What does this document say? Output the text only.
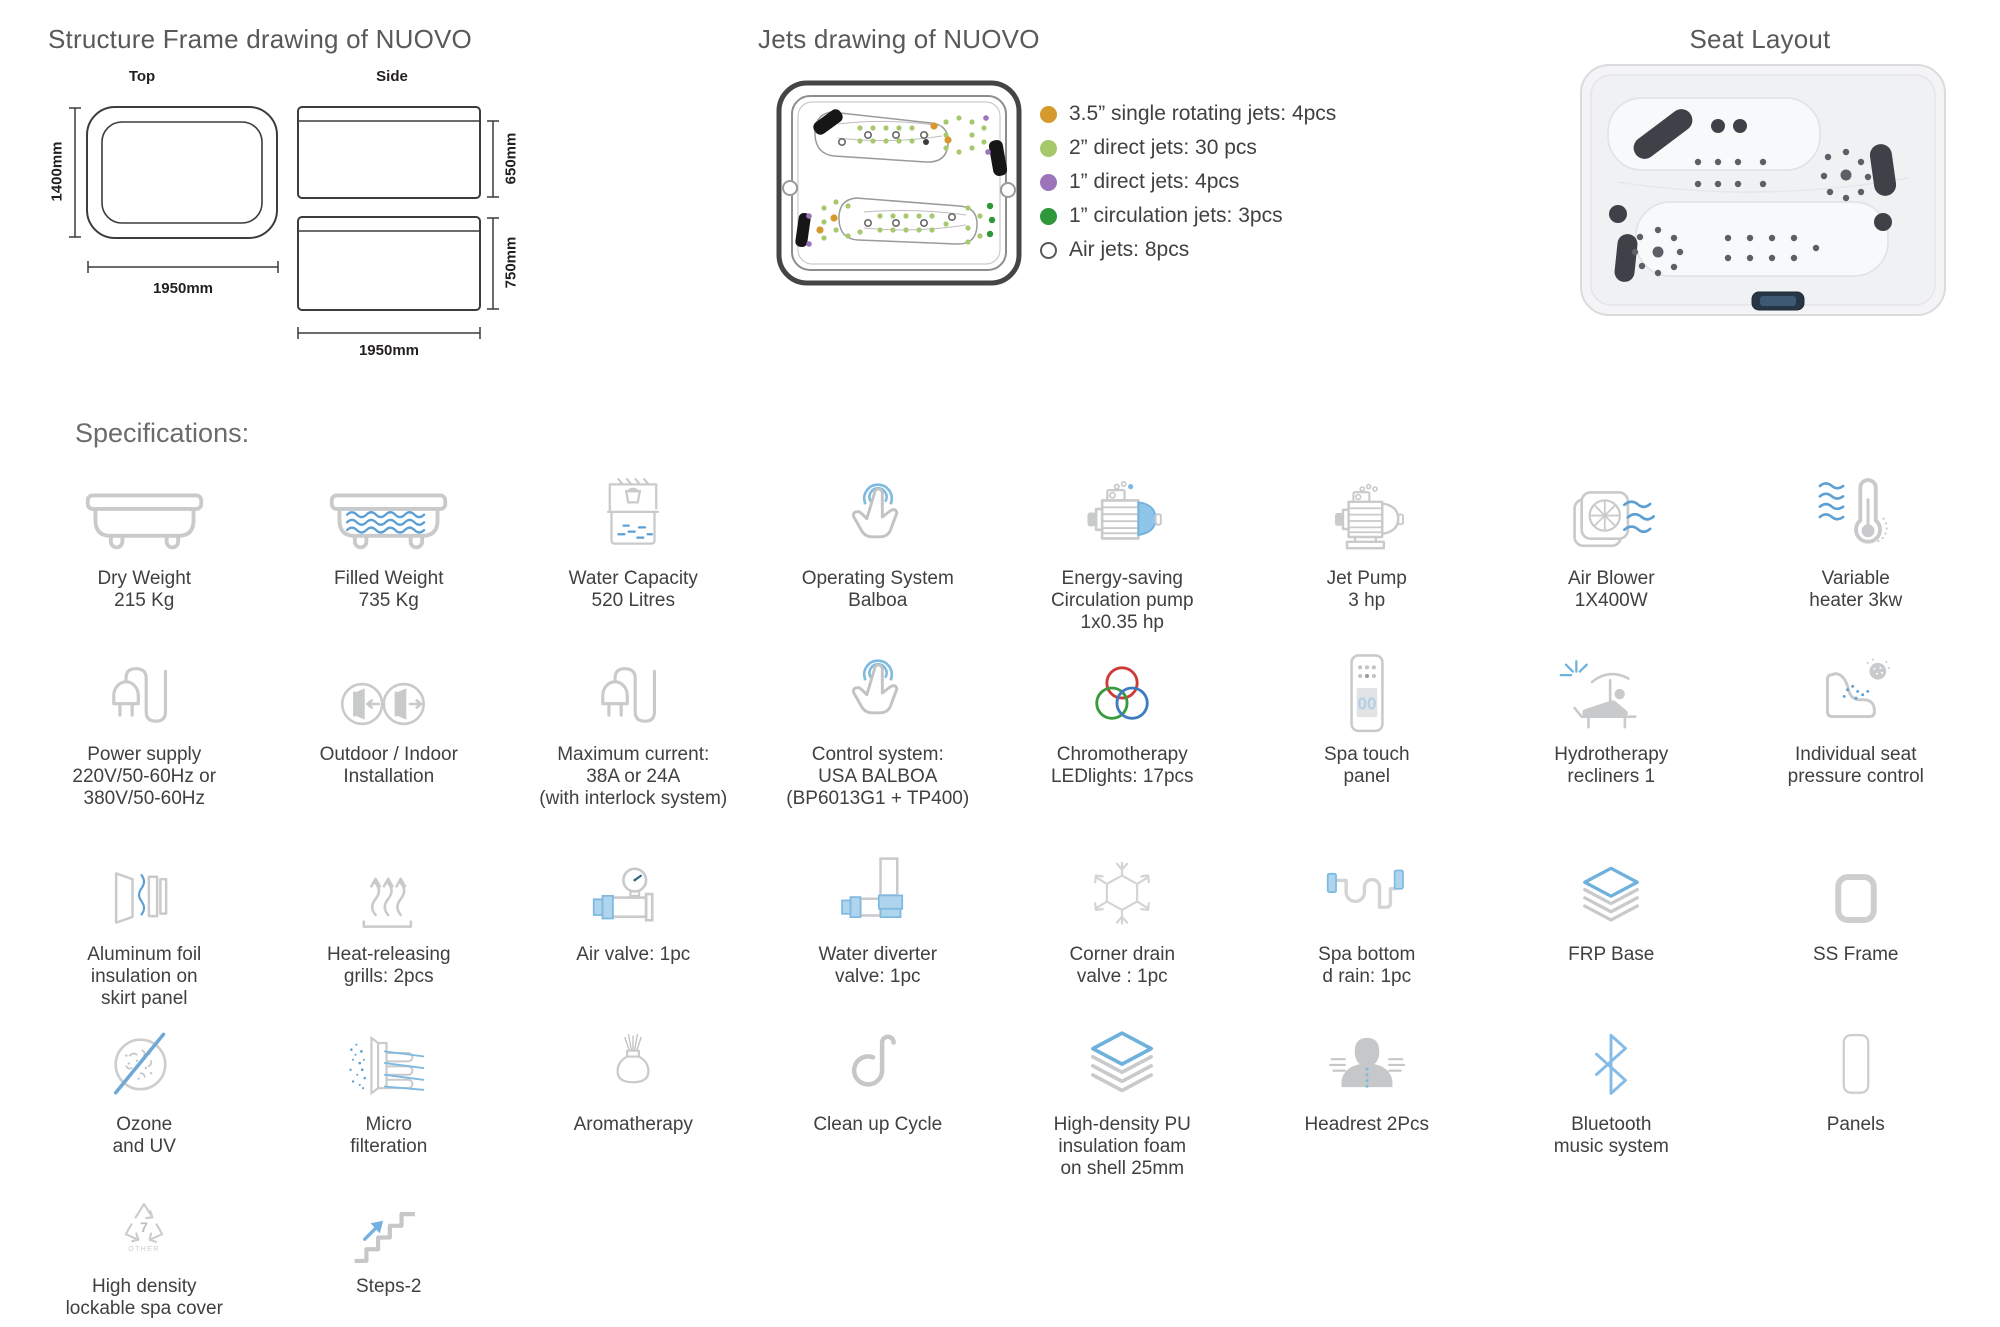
Structure Frame drawing of NUOVO
Top	Side
1400mm
1950mm
650mm
750mm
1950mm
Jets drawing of NUOVO
3.5” single rotating jets: 4pcs
2” direct jets: 30 pcs
1” direct jets: 4pcs
1” circulation jets: 3pcs
Air jets: 8pcs
Seat Layout
Specifications:
Dry Weight
215 Kg
Filled Weight
735 Kg
Water Capacity
520 Litres
Operating System
Balboa
Energy-saving
Circulation pump
1x0.35 hp
Jet Pump
3 hp
Air Blower
1X400W
Variable
heater 3kw
Power supply
220V/50-60Hz or
380V/50-60Hz
Outdoor / Indoor
Installation
Maximum current:
38A or 24A
(with interlock system)
Control system:
USA BALBOA
(BP6013G1 + TP400)
Chromotherapy
LEDlights: 17pcs
00
Spa touch
panel
Hydrotherapy
recliners 1
Individual seat
pressure control
Aluminum foil
insulation on
skirt panel
Heat-releasing
grills: 2pcs
Air valve: 1pc	Water diverter
valve: 1pc
Corner drain
valve : 1pc
Spa bottom
d rain: 1pc
FRP Base	SS Frame
Ozone
and UV
Micro
filteration
Aromatherapy	Clean up Cycle	High-density PU
insulation foam
on shell 25mm
Headrest 2Pcs	Bluetooth
music system
Panels
7
OTHER
High density
lockable spa cover
Steps-2
